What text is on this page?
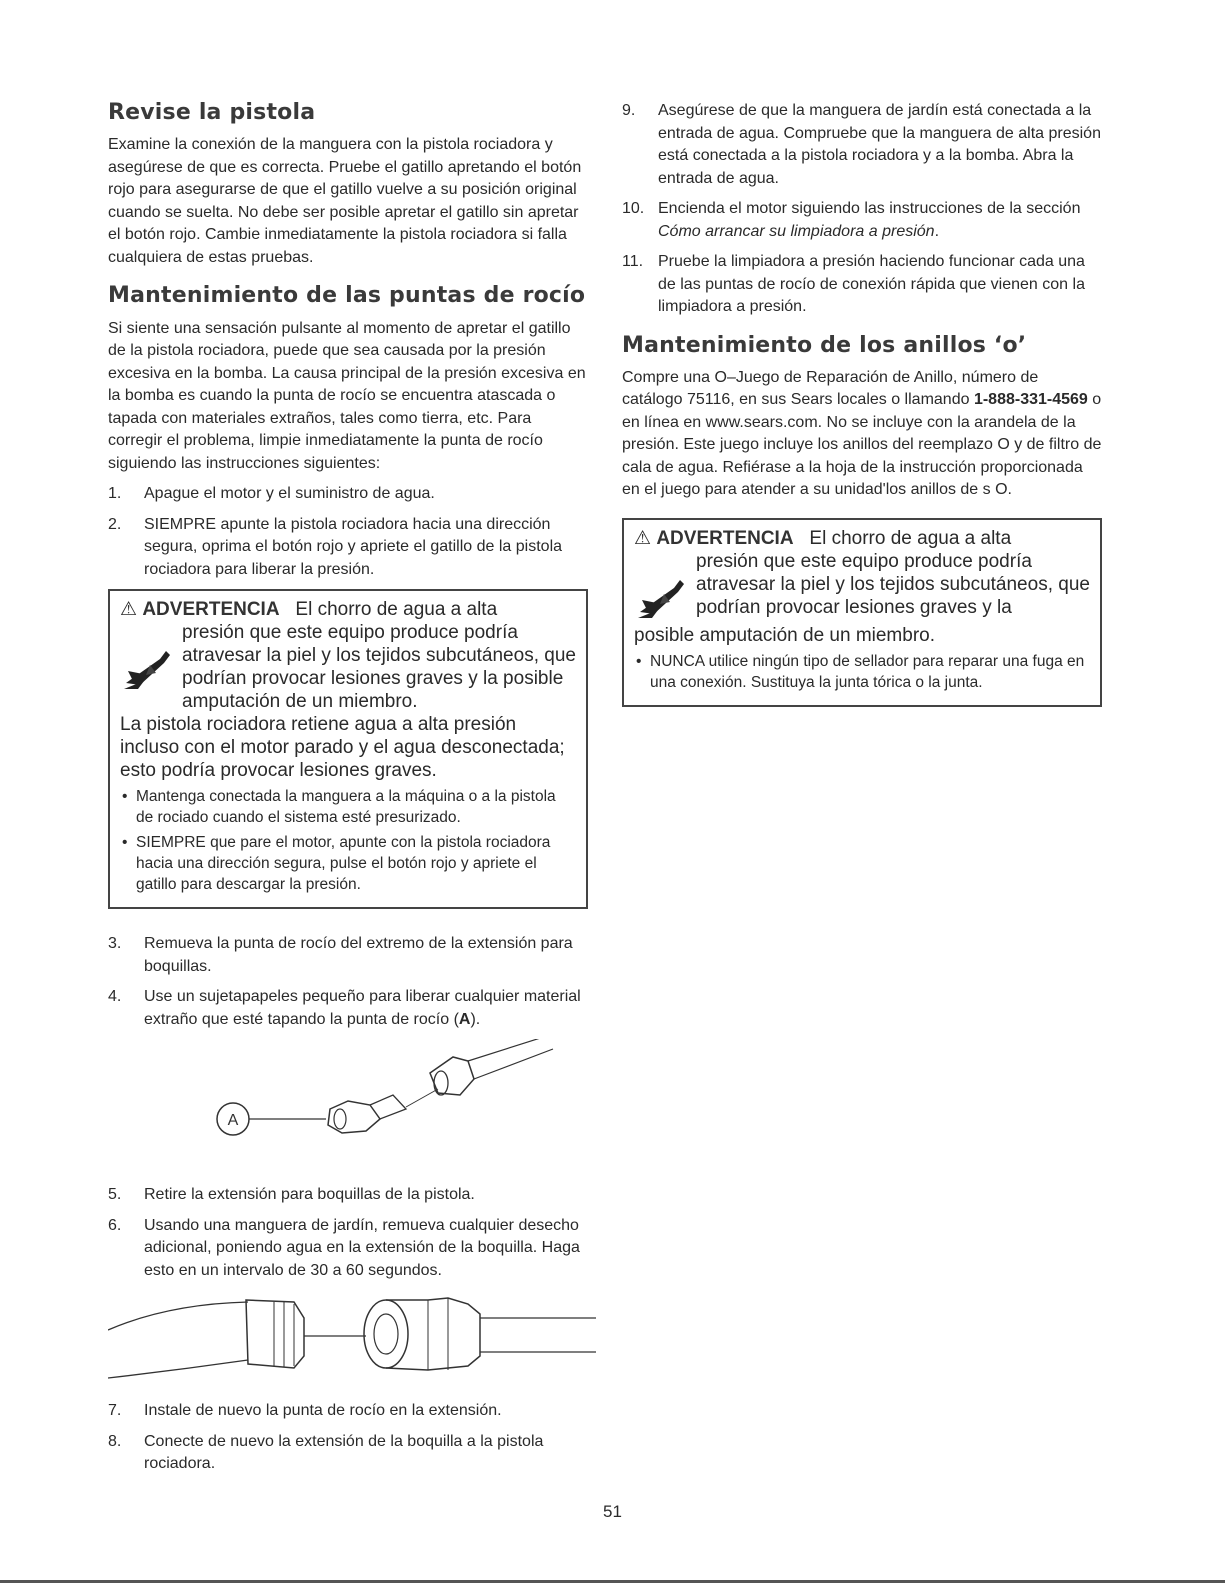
Revise la pistola

Examine la conexión de la manguera con la pistola rociadora y asegúrese de que es correcta. Pruebe el gatillo apretando el botón rojo para asegurarse de que el gatillo vuelve a su posición original cuando se suelta. No debe ser posible apretar el gatillo sin apretar el botón rojo. Cambie inmediatamente la pistola rociadora si falla cualquiera de estas pruebas.

Mantenimiento de las puntas de rocío

Si siente una sensación pulsante al momento de apretar el gatillo de la pistola rociadora, puede que sea causada por la presión excesiva en la bomba. La causa principal de la presión excesiva en la bomba es cuando la punta de rocío se encuentra atascada o tapada con materiales extraños, tales como tierra, etc. Para corregir el problema, limpie inmediatamente la punta de rocío siguiendo las instrucciones siguientes:

1.	Apague el motor y el suministro de agua.
2.	SIEMPRE apunte la pistola rociadora hacia una dirección segura, oprima el botón rojo y apriete el gatillo de la pistola rociadora para liberar la presión.
⚠ ADVERTENCIA El chorro de agua a alta
presión que este equipo produce podría atravesar la piel y los tejidos subcutáneos, que podrían provocar lesiones graves y la posible amputación de un miembro.
La pistola rociadora retiene agua a alta presión incluso con el motor parado y el agua desconectada; esto podría provocar lesiones graves.
• Mantenga conectada la manguera a la máquina o a la pistola de rociado cuando el sistema esté presurizado.
• SIEMPRE que pare el motor, apunte con la pistola rociadora hacia una dirección segura, pulse el botón rojo y apriete el gatillo para descargar la presión.
3.	Remueva la punta de rocío del extremo de la extensión para boquillas.
4.	Use un sujetapapeles pequeño para liberar cualquier material extraño que esté tapando la punta de rocío (A).
A
5.	Retire la extensión para boquillas de la pistola.
6.	Usando una manguera de jardín, remueva cualquier desecho adicional, poniendo agua en la extensión de la boquilla. Haga esto en un intervalo de 30 a 60 segundos.
7.	Instale de nuevo la punta de rocío en la extensión.
8.	Conecte de nuevo la extensión de la boquilla a la pistola rociadora.
9.	Asegúrese de que la manguera de jardín está conectada a la entrada de agua. Compruebe que la manguera de alta presión está conectada a la pistola rociadora y a la bomba. Abra la entrada de agua.
10. Encienda el motor siguiendo las instrucciones de la sección Cómo arrancar su limpiadora a presión.
11. Pruebe la limpiadora a presión haciendo funcionar cada una de las puntas de rocío de conexión rápida que vienen con la limpiadora a presión.
Mantenimiento de los anillos ‘o’

Compre una O–Juego de Reparación de Anillo, número de catálogo 75116, en sus Sears locales o llamando 1-888-331-4569 o en línea en www.sears.com. No se incluye con la arandela de la presión. Este juego incluye los anillos del reemplazo O y de filtro de cala de agua. Refiérase a la hoja de la instrucción proporcionada en el juego para atender a su unidad'los anillos de s O.

⚠ ADVERTENCIA El chorro de agua a alta
presión que este equipo produce podría atravesar la piel y los tejidos subcutáneos, que podrían provocar lesiones graves y la
posible amputación de un miembro.
• NUNCA utilice ningún tipo de sellador para reparar una fuga en una conexión. Sustituya la junta tórica o la junta.
51
